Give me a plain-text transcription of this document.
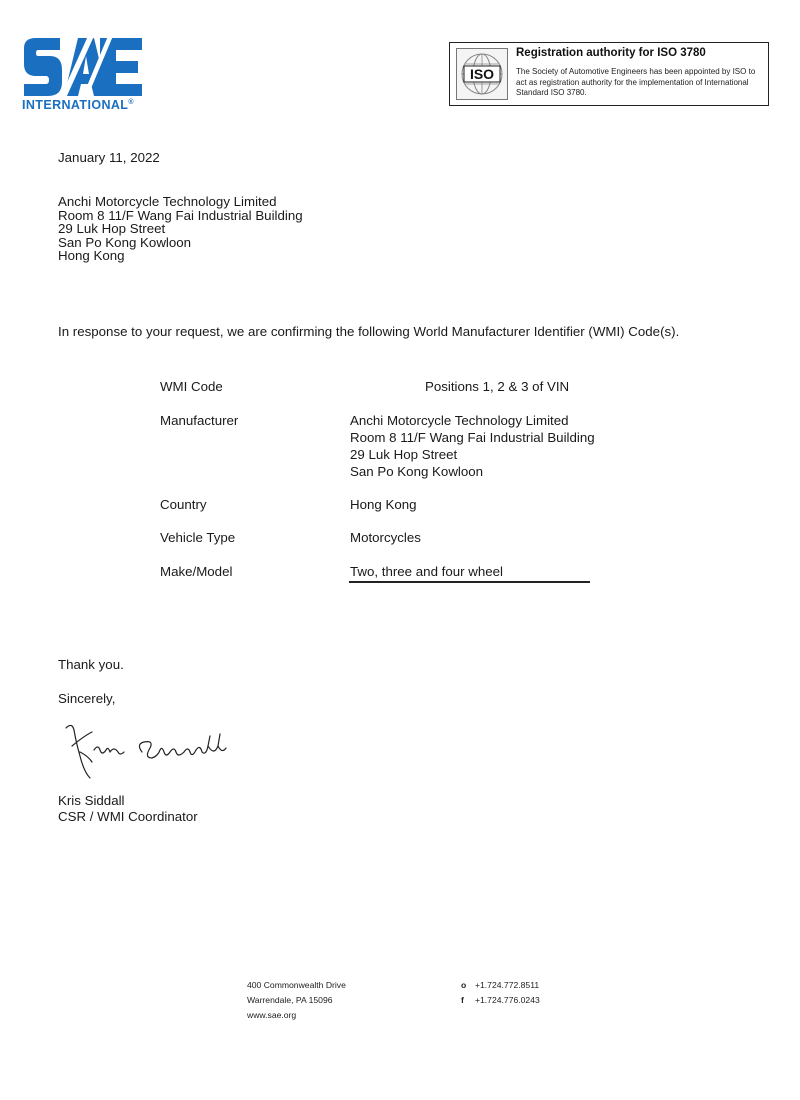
INTERNATIONAL®
ISO
Registration authority for ISO 3780
The Society of Automotive Engineers has been appointed by ISO to act as registration authority for the implementation of International Standard ISO 3780.
January 11, 2022
Anchi Motorcycle Technology Limited
Room 8 11/F Wang Fai Industrial Building
29 Luk Hop Street
San Po Kong Kowloon
Hong Kong
In response to your request, we are confirming the following World Manufacturer Identifier (WMI) Code(s).
WMI Code	Positions 1, 2 & 3 of VIN
Manufacturer	Anchi Motorcycle Technology Limited
Room 8 11/F Wang Fai Industrial Building
29 Luk Hop Street
San Po Kong Kowloon
Country	Hong Kong
Vehicle Type	Motorcycles
Make/Model	Two, three and four wheel
Thank you.
Sincerely,
Kris Siddall
CSR / WMI Coordinator
400 Commonwealth Drive
Warrendale, PA 15096
www.sae.org
o +1.724.772.8511
f +1.724.776.0243
